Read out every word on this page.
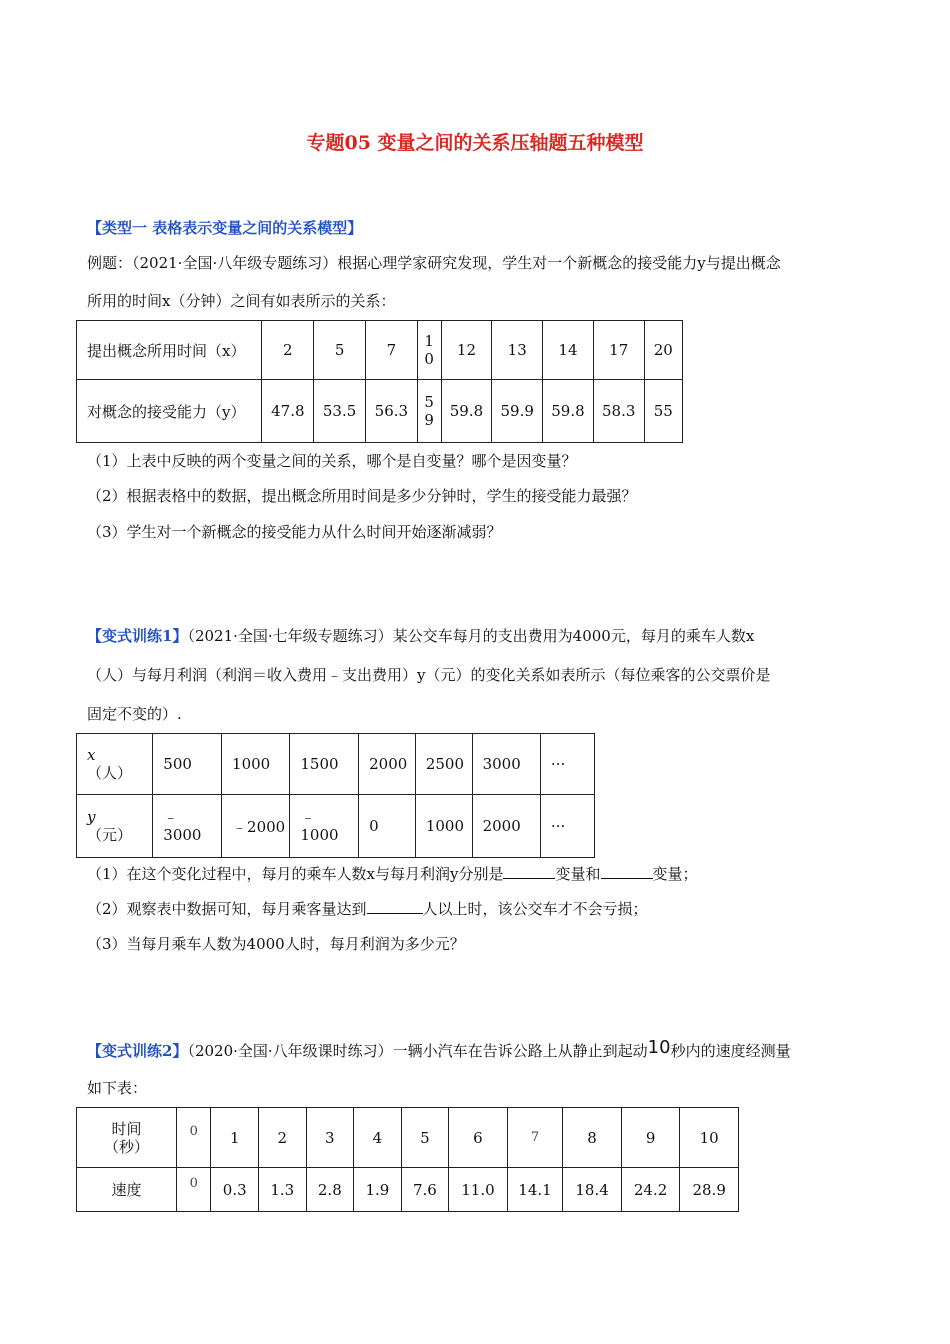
专题05 变量之间的关系压轴题五种模型
【类型一 表格表示变量之间的关系模型】
例题：（2021·全国·八年级专题练习）根据心理学家研究发现，学生对一个新概念的接受能力y与提出概念
所用的时间x（分钟）之间有如表所示的关系：
提出概念所用时间（x）	2	5	7	1 0	12	13	14	17	20
对概念的接受能力（y）	47.8	53.5	56.3	5 9	59.8	59.9	59.8	58.3	55
（1）上表中反映的两个变量之间的关系，哪个是自变量？哪个是因变量？
（2）根据表格中的数据，提出概念所用时间是多少分钟时，学生的接受能力最强？
（3）学生对一个新概念的接受能力从什么时间开始逐渐减弱？
【变式训练1】（2021·全国·七年级专题练习）某公交车每月的支出费用为4000元，每月的乘车人数x
（人）与每月利润（利润＝收入费用﹣支出费用）y（元）的变化关系如表所示（每位乘客的公交票价是
固定不变的）.
x
（人）	500	1000	1500	2000	2500	3000	···

y
（元）	﹣ 3000	﹣2000	﹣ 1000	0	1000	2000	···
（1）在这个变化过程中，每月的乘车人数x与每月利润y分别是	变量和	变量；
（2）观察表中数据可知，每月乘客量达到	人以上时，该公交车才不会亏损；
（3）当每月乘车人数为4000人时，每月利润为多少元？
【变式训练2】（2020·全国·八年级课时练习）一辆小汽车在告诉公路上从静止到起动10秒内的速度经测量
如下表：
时间
（秒）	0	1	2	3	4	5	6	7	8	9	10
速度	0	0.3	1.3	2.8	1.9	7.6	11.0	14.1	18.4	24.2	28.9
